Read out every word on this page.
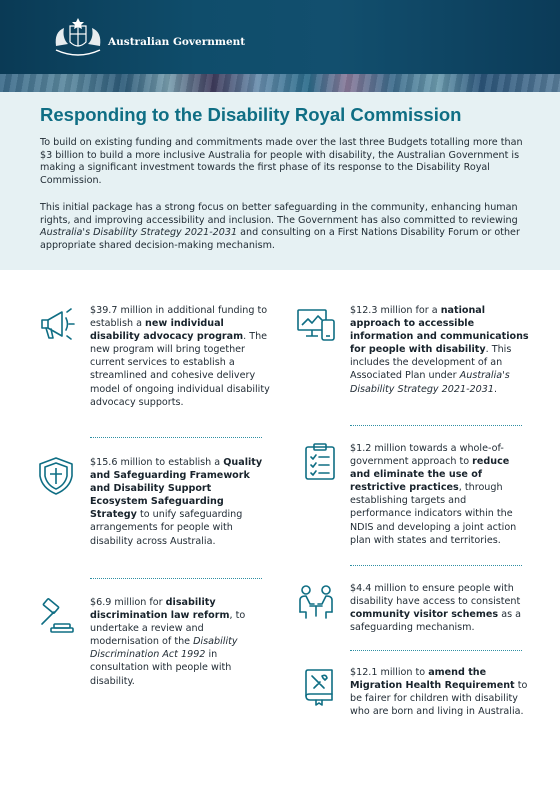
Australian Government
Responding to the Disability Royal Commission

To build on existing funding and commitments made over the last three Budgets totalling more than $3 billion to build a more inclusive Australia for people with disability, the Australian Government is making a significant investment towards the first phase of its response to the Disability Royal Commission.

This initial package has a strong focus on better safeguarding in the community, enhancing human rights, and improving accessibility and inclusion. The Government has also committed to reviewing Australia's Disability Strategy 2021-2031 and consulting on a First Nations Disability Forum or other appropriate shared decision-making mechanism.

$39.7 million in additional funding to establish a new individual disability advocacy program. The new program will bring together current services to establish a streamlined and cohesive delivery model of ongoing individual disability advocacy supports.
$15.6 million to establish a Quality and Safeguarding Framework and Disability Support Ecosystem Safeguarding Strategy to unify safeguarding arrangements for people with disability across Australia.
$6.9 million for disability discrimination law reform, to undertake a review and modernisation of the Disability Discrimination Act 1992 in consultation with people with disability.
$12.3 million for a national approach to accessible information and communications for people with disability. This includes the development of an Associated Plan under Australia's Disability Strategy 2021-2031.
$1.2 million towards a whole-of-government approach to reduce and eliminate the use of restrictive practices, through establishing targets and performance indicators within the NDIS and developing a joint action plan with states and territories.
$4.4 million to ensure people with disability have access to consistent community visitor schemes as a safeguarding mechanism.
$12.1 million to amend the Migration Health Requirement to be fairer for children with disability who are born and living in Australia.
